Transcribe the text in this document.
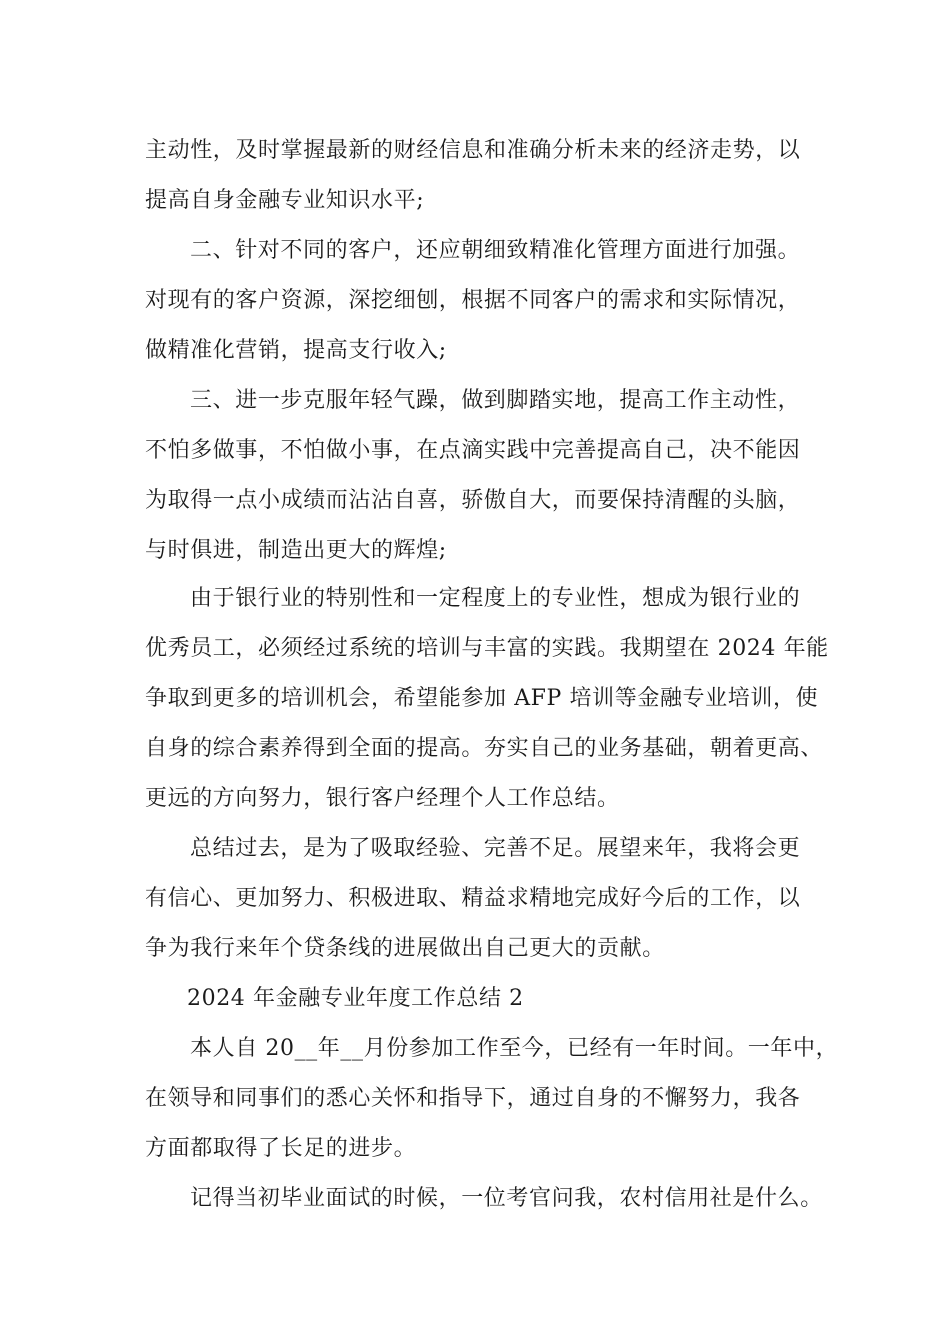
主动性，及时掌握最新的财经信息和准确分析未来的经济走势，以
提高自身金融专业知识水平;
二、针对不同的客户，还应朝细致精准化管理方面进行加强。
对现有的客户资源，深挖细刨，根据不同客户的需求和实际情况，
做精准化营销，提高支行收入;
三、进一步克服年轻气躁，做到脚踏实地，提高工作主动性，
不怕多做事，不怕做小事，在点滴实践中完善提高自己，决不能因
为取得一点小成绩而沾沾自喜，骄傲自大，而要保持清醒的头脑，
与时俱进，制造出更大的辉煌;
由于银行业的特别性和一定程度上的专业性，想成为银行业的
优秀员工，必须经过系统的培训与丰富的实践。我期望在 2024 年能
争取到更多的培训机会，希望能参加 AFP 培训等金融专业培训，使
自身的综合素养得到全面的提高。夯实自己的业务基础，朝着更高、
更远的方向努力，银行客户经理个人工作总结。
总结过去，是为了吸取经验、完善不足。展望来年，我将会更
有信心、更加努力、积极进取、精益求精地完成好今后的工作，以
争为我行来年个贷条线的进展做出自己更大的贡献。
2024 年金融专业年度工作总结 2
本人自 20__年__月份参加工作至今，已经有一年时间。一年中，
在领导和同事们的悉心关怀和指导下，通过自身的不懈努力，我各
方面都取得了长足的进步。
记得当初毕业面试的时候，一位考官问我，农村信用社是什么。
